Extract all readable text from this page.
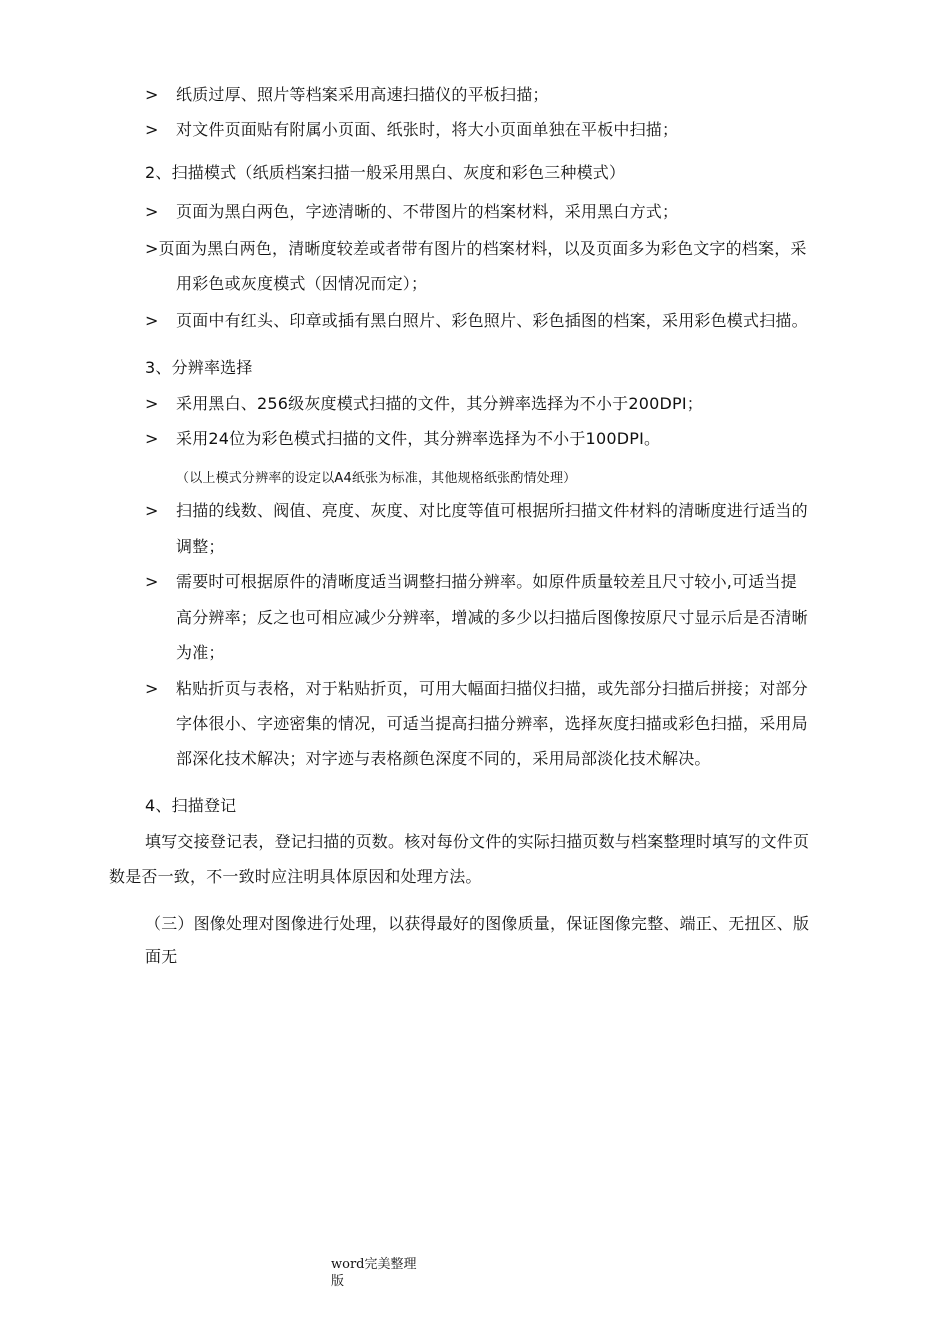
> 纸质过厚、照片等档案采用高速扫描仪的平板扫描；
> 对文件页面贴有附属小页面、纸张时，将大小页面单独在平板中扫描；
2、扫描模式（纸质档案扫描一般采用黑白、灰度和彩色三种模式）
> 页面为黑白两色，字迹清晰的、不带图片的档案材料，采用黑白方式；
>页面为黑白两色，清晰度较差或者带有图片的档案材料，以及页面多为彩色文字的档案，采
用彩色或灰度模式（因情况而定）；
> 页面中有红头、印章或插有黑白照片、彩色照片、彩色插图的档案，采用彩色模式扫描。
3、分辨率选择
> 采用黑白、256级灰度模式扫描的文件，其分辨率选择为不小于200DPI；
> 采用24位为彩色模式扫描的文件，其分辨率选择为不小于100DPI。
（以上模式分辨率的设定以A4纸张为标准，其他规格纸张酌情处理）
> 扫描的线数、阀值、亮度、灰度、对比度等值可根据所扫描文件材料的清晰度进行适当的
调整；
> 需要时可根据原件的清晰度适当调整扫描分辨率。如原件质量较差且尺寸较小,可适当提
高分辨率；反之也可相应减少分辨率，增减的多少以扫描后图像按原尺寸显示后是否清晰
为准；
> 粘贴折页与表格，对于粘贴折页，可用大幅面扫描仪扫描，或先部分扫描后拼接；对部分
字体很小、字迹密集的情况，可适当提高扫描分辨率，选择灰度扫描或彩色扫描，采用局
部深化技术解决；对字迹与表格颜色深度不同的，采用局部淡化技术解决。
4、扫描登记
填写交接登记表，登记扫描的页数。核对每份文件的实际扫描页数与档案整理时填写的文件页
数是否一致，不一致时应注明具体原因和处理方法。
（三）图像处理对图像进行处理，以获得最好的图像质量，保证图像完整、端正、无扭区、版
面无
word完美整理
版
